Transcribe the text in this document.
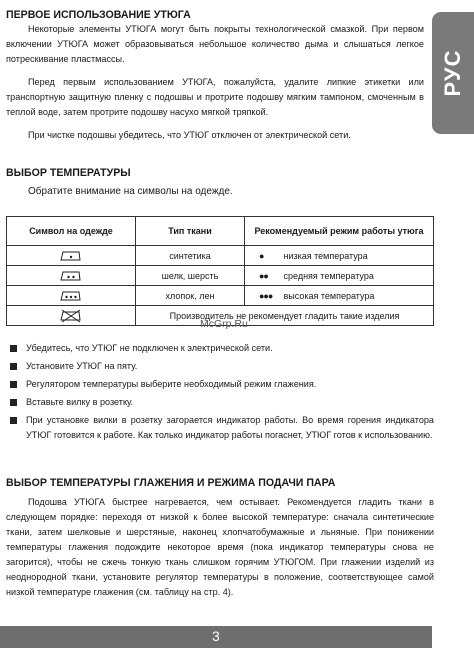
РУС
ПЕРВОЕ ИСПОЛЬЗОВАНИЕ УТЮГА

Некоторые элементы УТЮГА могут быть покрыты технологической смазкой. При первом включении УТЮГА может образовываться небольшое количество дыма и слышаться легкое потрескивание пластмассы.

Перед первым использованием УТЮГА, пожалуйста, удалите липкие этикетки или транспортную защитную пленку с подошвы и протрите подошву мягким тампоном, смоченным в теплой воде, затем протрите подошву насухо мягкой тряпкой.

При чистке подошвы убедитесь, что УТЮГ отключен от электрической сети.

ВЫБОР ТЕМПЕРАТУРЫ

Обратите внимание на символы на одежде.

Символ на одежде	Тип ткани	Рекомендуемый режим работы утюга
	синтетика	● низкая температура
	шелк, шерсть	●● средняя температура
	хлопок, лен	●●● высокая температура
	Производитель не рекомендует гладить такие изделия	
McGrp.Ru
Убедитесь, что УТЮГ не подключен к электрической сети.
Установите УТЮГ на пяту.
Регулятором температуры выберите необходимый режим глажения.
Вставьте вилку в розетку.
При установке вилки в розетку загорается индикатор работы. Во время горения индикатора УТЮГ готовится к работе. Как только индикатор работы погаснет, УТЮГ готов к использованию.
ВЫБОР ТЕМПЕРАТУРЫ ГЛАЖЕНИЯ И РЕЖИМА ПОДАЧИ ПАРА

Подошва УТЮГА быстрее нагревается, чем остывает. Рекомендуется гладить ткани в следующем порядке: переходя от низкой к более высокой температуре: сначала синтетические ткани, затем шелковые и шерстяные, наконец хлопчатобумажные и льняные. При понижении температуры глажения подождите некоторое время (пока индикатор температуры снова не загорится), чтобы не сжечь тонкую ткань слишком горячим УТЮГОМ. При глажении изделий из неоднородной ткани, установите регулятор температуры в положение, соответствующее самой низкой температуре глажения (см. таблицу на стр. 4).

3
